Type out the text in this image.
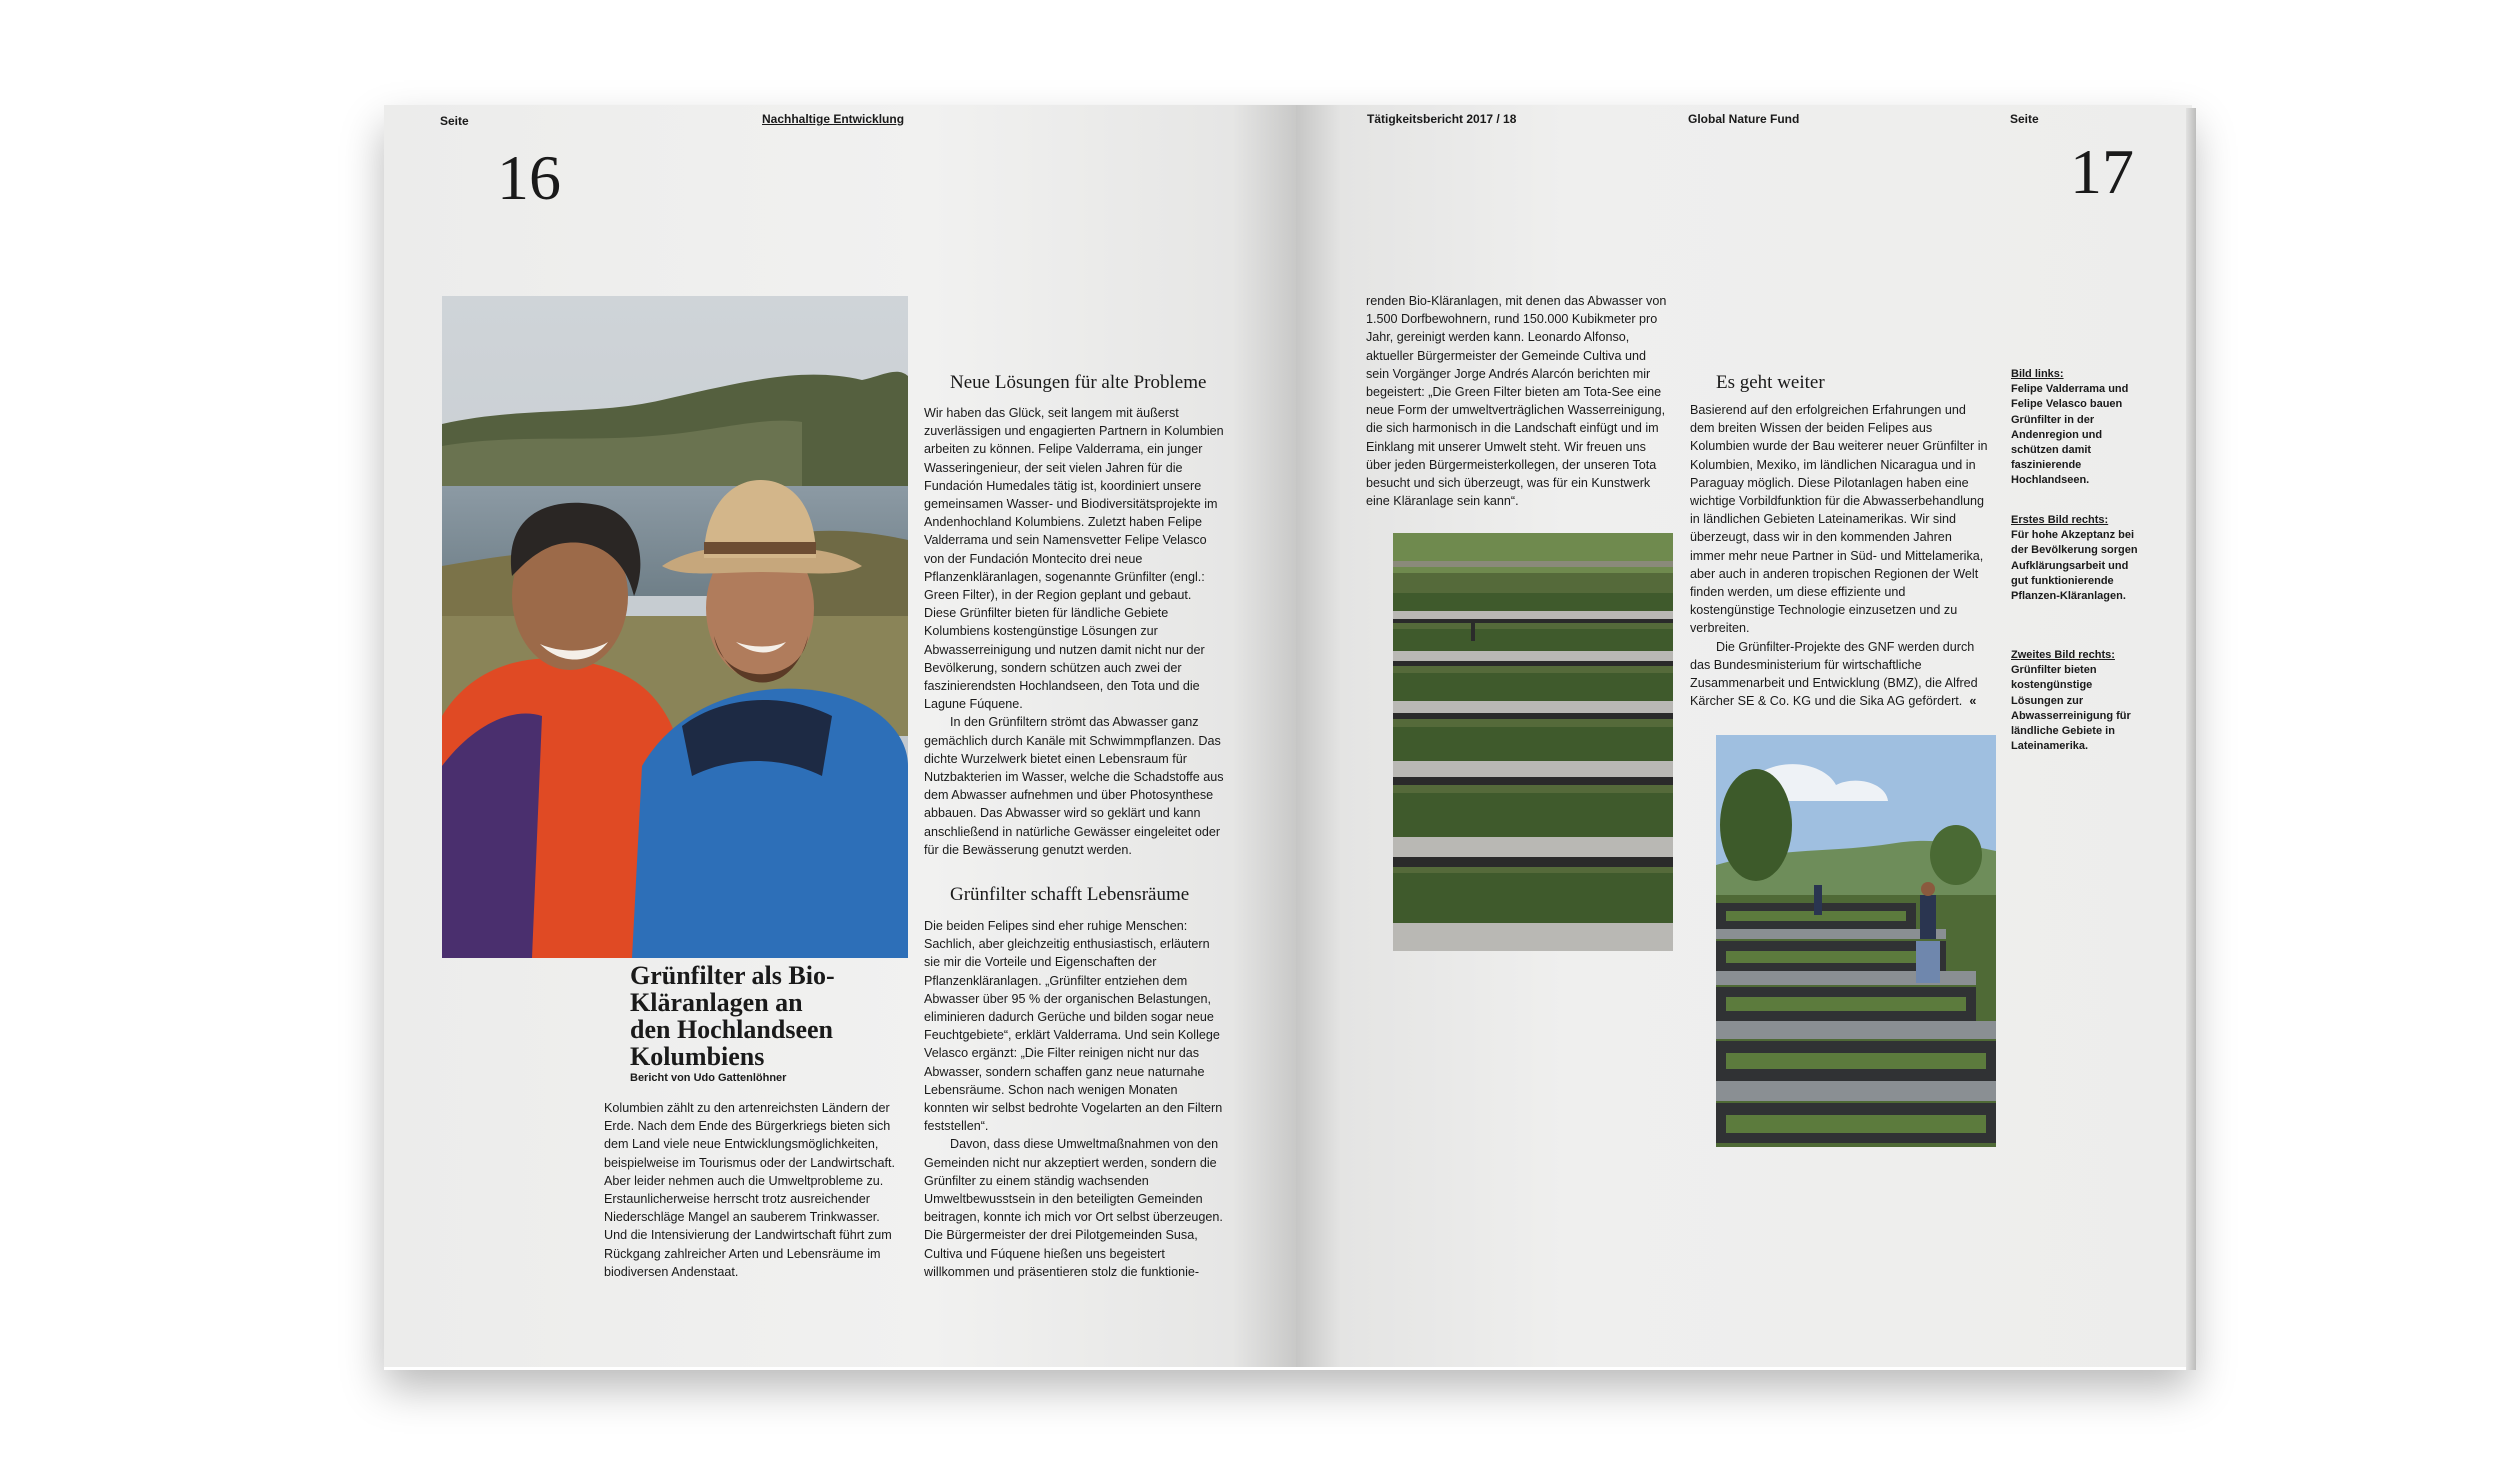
Seite	Nachhaltige Entwicklung
16
Neue Lösungen für alte Probleme

Wir haben das Glück, seit langem mit äußerst zuverlässigen und engagierten Partnern in Kolumbien arbeiten zu können. Felipe Valderrama, ein junger Wasseringenieur, der seit vielen Jahren für die Fundación Humedales tätig ist, koordiniert unsere gemeinsamen Wasser- und Biodiversitätsprojekte im Andenhochland Kolumbiens. Zuletzt haben Felipe Valderrama und sein Namensvetter Felipe Velasco von der Fundación Montecito drei neue Pflanzenkläranlagen, sogenannte Grünfilter (engl.: Green Filter), in der Region geplant und gebaut. Diese Grünfilter bieten für ländliche Gebiete Kolumbiens kostengünstige Lösungen zur Abwasserreinigung und nutzen damit nicht nur der Bevölkerung, sondern schützen auch zwei der faszinierendsten Hochlandseen, den Tota und die Lagune Fúquene.

In den Grünfiltern strömt das Abwasser ganz gemächlich durch Kanäle mit Schwimmpflanzen. Das dichte Wurzelwerk bietet einen Lebensraum für Nutzbakterien im Wasser, welche die Schadstoffe aus dem Abwasser aufnehmen und über Photosynthese abbauen. Das Abwasser wird so geklärt und kann anschließend in natürliche Gewässer eingeleitet oder für die Bewässerung genutzt werden.

Grünfilter schafft Lebensräume

Die beiden Felipes sind eher ruhige Menschen: Sachlich, aber gleichzeitig enthusiastisch, erläutern sie mir die Vorteile und Eigenschaften der Pflanzenkläranlagen. „Grünfilter entziehen dem Abwasser über 95 % der organischen Belastungen, eliminieren dadurch Gerüche und bilden sogar neue Feuchtgebiete“, erklärt Valderrama. Und sein Kollege Velasco ergänzt: „Die Filter reinigen nicht nur das Abwasser, sondern schaffen ganz neue naturnahe Lebensräume. Schon nach wenigen Monaten konnten wir selbst bedrohte Vogelarten an den Filtern feststellen“.

Davon, dass diese Umweltmaßnahmen von den Gemeinden nicht nur akzeptiert werden, sondern die Grünfilter zu einem ständig wachsenden Umweltbewusstsein in den beteiligten Gemeinden beitragen, konnte ich mich vor Ort selbst überzeugen. Die Bürgermeister der drei Pilotgemeinden Susa, Cultiva und Fúquene hießen uns begeistert willkommen und präsentieren stolz die funktionie-

Grünfilter als Bio-
Kläranlagen an
den Hochlandseen
Kolumbiens
Bericht von Udo Gattenlöhner

Kolumbien zählt zu den artenreichsten Ländern der Erde. Nach dem Ende des Bürgerkriegs bieten sich dem Land viele neue Entwicklungsmöglichkeiten, beispielweise im Tourismus oder der Landwirtschaft. Aber leider nehmen auch die Umweltprobleme zu. Erstaunlicherweise herrscht trotz ausreichender Niederschläge Mangel an sauberem Trinkwasser. Und die Intensivierung der Landwirtschaft führt zum Rückgang zahlreicher Arten und Lebensräume im biodiversen Andenstaat.

Tätigkeitsbericht 2017 / 18	Global Nature Fund	Seite
17

renden Bio-Kläranlagen, mit denen das Abwasser von 1.500 Dorfbewohnern, rund 150.000 Kubikmeter pro Jahr, gereinigt werden kann. Leonardo Alfonso, aktueller Bürgermeister der Gemeinde Cultiva und sein Vorgänger Jorge Andrés Alarcón berichten mir begeistert: „Die Green Filter bieten am Tota-See eine neue Form der umweltverträglichen Wasserreinigung, die sich harmonisch in die Landschaft einfügt und im Einklang mit unserer Umwelt steht. Wir freuen uns über jeden Bürgermeisterkollegen, der unseren Tota besucht und sich überzeugt, was für ein Kunstwerk eine Kläranlage sein kann“.

Es geht weiter

Basierend auf den erfolgreichen Erfahrungen und dem breiten Wissen der beiden Felipes aus Kolumbien wurde der Bau weiterer neuer Grünfilter in Kolumbien, Mexiko, im ländlichen Nicaragua und in Paraguay möglich. Diese Pilotanlagen haben eine wichtige Vorbildfunktion für die Abwasserbehandlung in ländlichen Gebieten Lateinamerikas. Wir sind überzeugt, dass wir in den kommenden Jahren immer mehr neue Partner in Süd- und Mittelamerika, aber auch in anderen tropischen Regionen der Welt finden werden, um diese effiziente und kostengünstige Technologie einzusetzen und zu verbreiten.

Die Grünfilter-Projekte des GNF werden durch das Bundesministerium für wirtschaftliche Zusammenarbeit und Entwicklung (BMZ), die Alfred Kärcher SE & Co. KG und die Sika AG gefördert. «

Bild links:
Felipe Valderrama und Felipe Velasco bauen Grünfilter in der Andenregion und schützen damit faszinierende Hochlandseen.
Erstes Bild rechts:
Für hohe Akzeptanz bei der Bevölkerung sorgen Aufklärungsarbeit und gut funktionierende Pflanzen-Kläranlagen.
Zweites Bild rechts:
Grünfilter bieten kostengünstige Lösungen zur Abwasserreinigung für ländliche Gebiete in Lateinamerika.
